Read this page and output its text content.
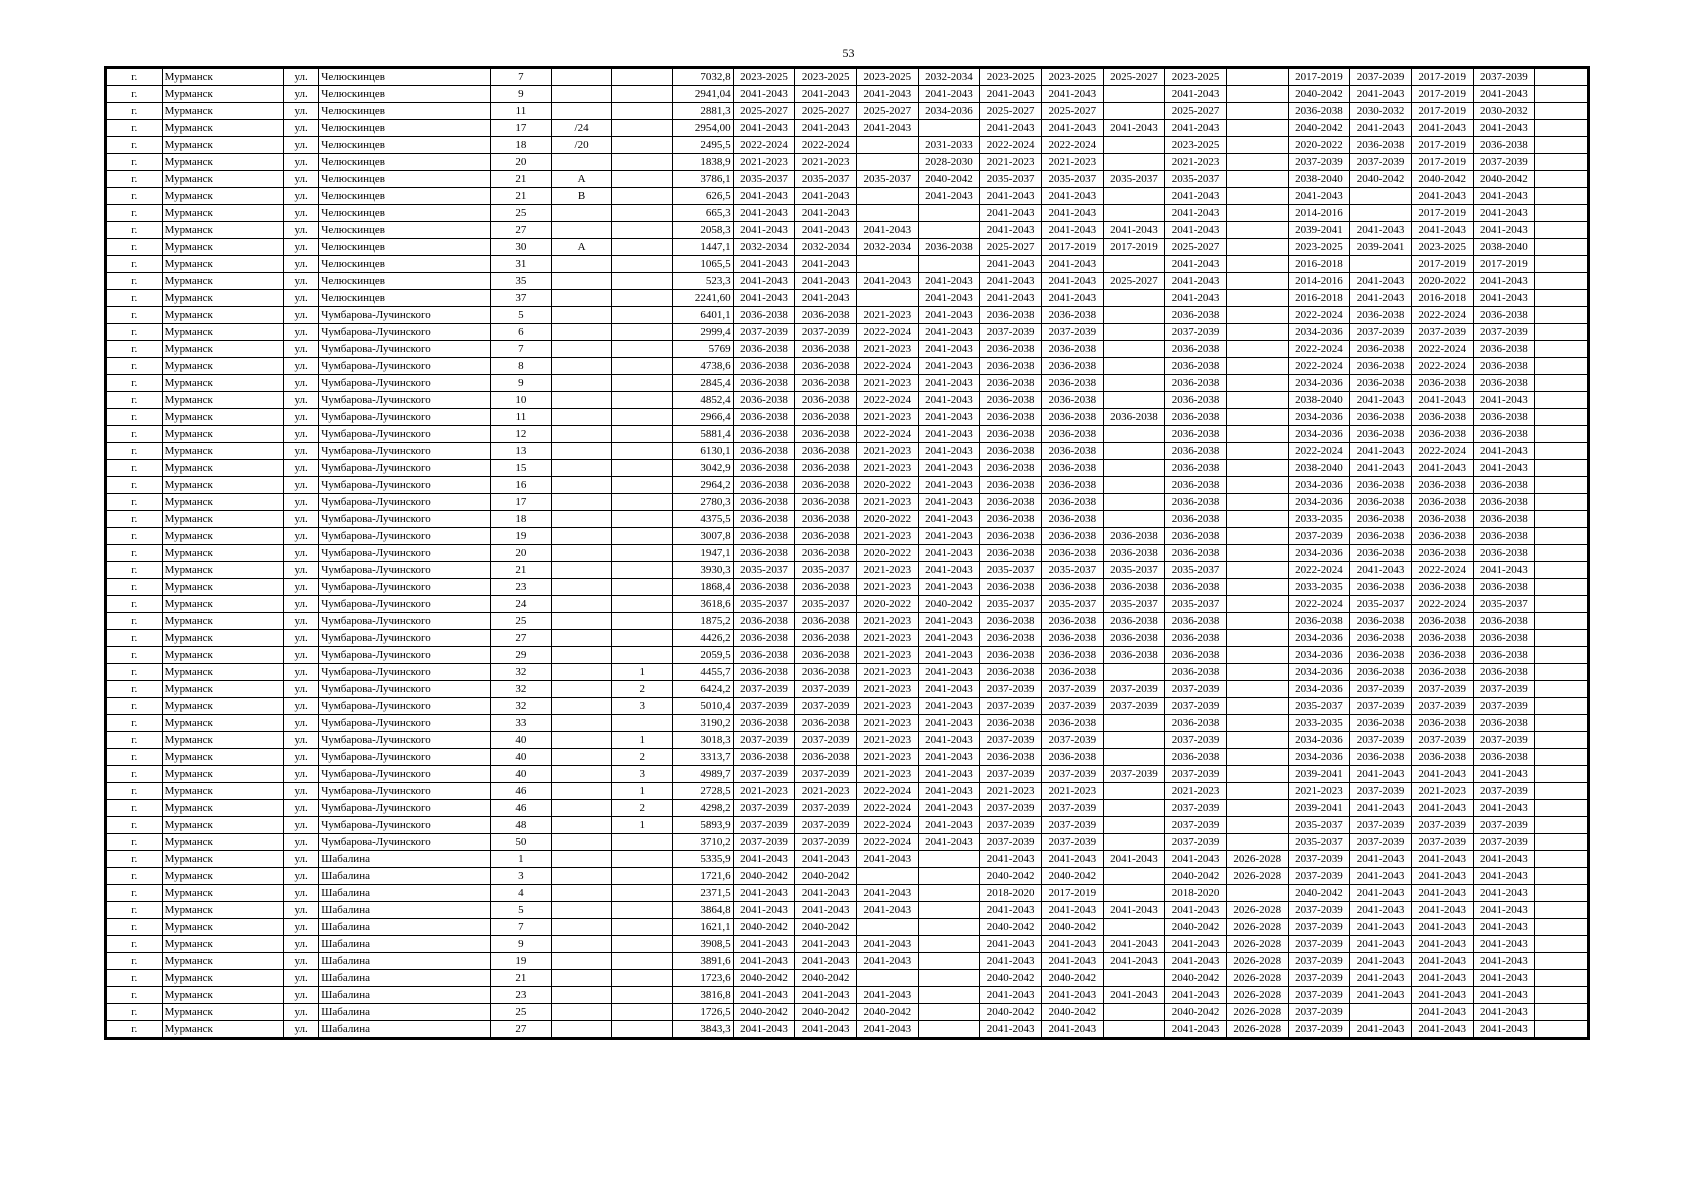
53
г.	Мурманск	ул.	Челюскинцев	7			7032,8	2023-2025	2023-2025	2023-2025	2032-2034	2023-2025	2023-2025	2025-2027	2023-2025		2017-2019	2037-2039	2017-2019	2037-2039	
г.	Мурманск	ул.	Челюскинцев	9			2941,04	2041-2043	2041-2043	2041-2043	2041-2043	2041-2043	2041-2043		2041-2043		2040-2042	2041-2043	2017-2019	2041-2043	
г.	Мурманск	ул.	Челюскинцев	11			2881,3	2025-2027	2025-2027	2025-2027	2034-2036	2025-2027	2025-2027		2025-2027		2036-2038	2030-2032	2017-2019	2030-2032	
г.	Мурманск	ул.	Челюскинцев	17	/24		2954,00	2041-2043	2041-2043	2041-2043		2041-2043	2041-2043	2041-2043	2041-2043		2040-2042	2041-2043	2041-2043	2041-2043	
г.	Мурманск	ул.	Челюскинцев	18	/20		2495,5	2022-2024	2022-2024		2031-2033	2022-2024	2022-2024		2023-2025		2020-2022	2036-2038	2017-2019	2036-2038	
г.	Мурманск	ул.	Челюскинцев	20			1838,9	2021-2023	2021-2023		2028-2030	2021-2023	2021-2023		2021-2023		2037-2039	2037-2039	2017-2019	2037-2039	
г.	Мурманск	ул.	Челюскинцев	21	А		3786,1	2035-2037	2035-2037	2035-2037	2040-2042	2035-2037	2035-2037	2035-2037	2035-2037		2038-2040	2040-2042	2040-2042	2040-2042	
г.	Мурманск	ул.	Челюскинцев	21	В		626,5	2041-2043	2041-2043		2041-2043	2041-2043	2041-2043		2041-2043		2041-2043		2041-2043	2041-2043	
г.	Мурманск	ул.	Челюскинцев	25			665,3	2041-2043	2041-2043			2041-2043	2041-2043		2041-2043		2014-2016		2017-2019	2041-2043	
г.	Мурманск	ул.	Челюскинцев	27			2058,3	2041-2043	2041-2043	2041-2043		2041-2043	2041-2043	2041-2043	2041-2043		2039-2041	2041-2043	2041-2043	2041-2043	
г.	Мурманск	ул.	Челюскинцев	30	А		1447,1	2032-2034	2032-2034	2032-2034	2036-2038	2025-2027	2017-2019	2017-2019	2025-2027		2023-2025	2039-2041	2023-2025	2038-2040	
г.	Мурманск	ул.	Челюскинцев	31			1065,5	2041-2043	2041-2043			2041-2043	2041-2043		2041-2043		2016-2018		2017-2019	2017-2019	
г.	Мурманск	ул.	Челюскинцев	35			523,3	2041-2043	2041-2043	2041-2043	2041-2043	2041-2043	2041-2043	2025-2027	2041-2043		2014-2016	2041-2043	2020-2022	2041-2043	
г.	Мурманск	ул.	Челюскинцев	37			2241,60	2041-2043	2041-2043		2041-2043	2041-2043	2041-2043		2041-2043		2016-2018	2041-2043	2016-2018	2041-2043	
г.	Мурманск	ул.	Чумбарова-Лучинского	5			6401,1	2036-2038	2036-2038	2021-2023	2041-2043	2036-2038	2036-2038		2036-2038		2022-2024	2036-2038	2022-2024	2036-2038	
г.	Мурманск	ул.	Чумбарова-Лучинского	6			2999,4	2037-2039	2037-2039	2022-2024	2041-2043	2037-2039	2037-2039		2037-2039		2034-2036	2037-2039	2037-2039	2037-2039	
г.	Мурманск	ул.	Чумбарова-Лучинского	7			5769	2036-2038	2036-2038	2021-2023	2041-2043	2036-2038	2036-2038		2036-2038		2022-2024	2036-2038	2022-2024	2036-2038	
г.	Мурманск	ул.	Чумбарова-Лучинского	8			4738,6	2036-2038	2036-2038	2022-2024	2041-2043	2036-2038	2036-2038		2036-2038		2022-2024	2036-2038	2022-2024	2036-2038	
г.	Мурманск	ул.	Чумбарова-Лучинского	9			2845,4	2036-2038	2036-2038	2021-2023	2041-2043	2036-2038	2036-2038		2036-2038		2034-2036	2036-2038	2036-2038	2036-2038	
г.	Мурманск	ул.	Чумбарова-Лучинского	10			4852,4	2036-2038	2036-2038	2022-2024	2041-2043	2036-2038	2036-2038		2036-2038		2038-2040	2041-2043	2041-2043	2041-2043	
г.	Мурманск	ул.	Чумбарова-Лучинского	11			2966,4	2036-2038	2036-2038	2021-2023	2041-2043	2036-2038	2036-2038	2036-2038	2036-2038		2034-2036	2036-2038	2036-2038	2036-2038	
г.	Мурманск	ул.	Чумбарова-Лучинского	12			5881,4	2036-2038	2036-2038	2022-2024	2041-2043	2036-2038	2036-2038		2036-2038		2034-2036	2036-2038	2036-2038	2036-2038	
г.	Мурманск	ул.	Чумбарова-Лучинского	13			6130,1	2036-2038	2036-2038	2021-2023	2041-2043	2036-2038	2036-2038		2036-2038		2022-2024	2041-2043	2022-2024	2041-2043	
г.	Мурманск	ул.	Чумбарова-Лучинского	15			3042,9	2036-2038	2036-2038	2021-2023	2041-2043	2036-2038	2036-2038		2036-2038		2038-2040	2041-2043	2041-2043	2041-2043	
г.	Мурманск	ул.	Чумбарова-Лучинского	16			2964,2	2036-2038	2036-2038	2020-2022	2041-2043	2036-2038	2036-2038		2036-2038		2034-2036	2036-2038	2036-2038	2036-2038	
г.	Мурманск	ул.	Чумбарова-Лучинского	17			2780,3	2036-2038	2036-2038	2021-2023	2041-2043	2036-2038	2036-2038		2036-2038		2034-2036	2036-2038	2036-2038	2036-2038	
г.	Мурманск	ул.	Чумбарова-Лучинского	18			4375,5	2036-2038	2036-2038	2020-2022	2041-2043	2036-2038	2036-2038		2036-2038		2033-2035	2036-2038	2036-2038	2036-2038	
г.	Мурманск	ул.	Чумбарова-Лучинского	19			3007,8	2036-2038	2036-2038	2021-2023	2041-2043	2036-2038	2036-2038	2036-2038	2036-2038		2037-2039	2036-2038	2036-2038	2036-2038	
г.	Мурманск	ул.	Чумбарова-Лучинского	20			1947,1	2036-2038	2036-2038	2020-2022	2041-2043	2036-2038	2036-2038	2036-2038	2036-2038		2034-2036	2036-2038	2036-2038	2036-2038	
г.	Мурманск	ул.	Чумбарова-Лучинского	21			3930,3	2035-2037	2035-2037	2021-2023	2041-2043	2035-2037	2035-2037	2035-2037	2035-2037		2022-2024	2041-2043	2022-2024	2041-2043	
г.	Мурманск	ул.	Чумбарова-Лучинского	23			1868,4	2036-2038	2036-2038	2021-2023	2041-2043	2036-2038	2036-2038	2036-2038	2036-2038		2033-2035	2036-2038	2036-2038	2036-2038	
г.	Мурманск	ул.	Чумбарова-Лучинского	24			3618,6	2035-2037	2035-2037	2020-2022	2040-2042	2035-2037	2035-2037	2035-2037	2035-2037		2022-2024	2035-2037	2022-2024	2035-2037	
г.	Мурманск	ул.	Чумбарова-Лучинского	25			1875,2	2036-2038	2036-2038	2021-2023	2041-2043	2036-2038	2036-2038	2036-2038	2036-2038		2036-2038	2036-2038	2036-2038	2036-2038	
г.	Мурманск	ул.	Чумбарова-Лучинского	27			4426,2	2036-2038	2036-2038	2021-2023	2041-2043	2036-2038	2036-2038	2036-2038	2036-2038		2034-2036	2036-2038	2036-2038	2036-2038	
г.	Мурманск	ул.	Чумбарова-Лучинского	29			2059,5	2036-2038	2036-2038	2021-2023	2041-2043	2036-2038	2036-2038	2036-2038	2036-2038		2034-2036	2036-2038	2036-2038	2036-2038	
г.	Мурманск	ул.	Чумбарова-Лучинского	32		1	4455,7	2036-2038	2036-2038	2021-2023	2041-2043	2036-2038	2036-2038		2036-2038		2034-2036	2036-2038	2036-2038	2036-2038	
г.	Мурманск	ул.	Чумбарова-Лучинского	32		2	6424,2	2037-2039	2037-2039	2021-2023	2041-2043	2037-2039	2037-2039	2037-2039	2037-2039		2034-2036	2037-2039	2037-2039	2037-2039	
г.	Мурманск	ул.	Чумбарова-Лучинского	32		3	5010,4	2037-2039	2037-2039	2021-2023	2041-2043	2037-2039	2037-2039	2037-2039	2037-2039		2035-2037	2037-2039	2037-2039	2037-2039	
г.	Мурманск	ул.	Чумбарова-Лучинского	33			3190,2	2036-2038	2036-2038	2021-2023	2041-2043	2036-2038	2036-2038		2036-2038		2033-2035	2036-2038	2036-2038	2036-2038	
г.	Мурманск	ул.	Чумбарова-Лучинского	40		1	3018,3	2037-2039	2037-2039	2021-2023	2041-2043	2037-2039	2037-2039		2037-2039		2034-2036	2037-2039	2037-2039	2037-2039	
г.	Мурманск	ул.	Чумбарова-Лучинского	40		2	3313,7	2036-2038	2036-2038	2021-2023	2041-2043	2036-2038	2036-2038		2036-2038		2034-2036	2036-2038	2036-2038	2036-2038	
г.	Мурманск	ул.	Чумбарова-Лучинского	40		3	4989,7	2037-2039	2037-2039	2021-2023	2041-2043	2037-2039	2037-2039	2037-2039	2037-2039		2039-2041	2041-2043	2041-2043	2041-2043	
г.	Мурманск	ул.	Чумбарова-Лучинского	46		1	2728,5	2021-2023	2021-2023	2022-2024	2041-2043	2021-2023	2021-2023		2021-2023		2021-2023	2037-2039	2021-2023	2037-2039	
г.	Мурманск	ул.	Чумбарова-Лучинского	46		2	4298,2	2037-2039	2037-2039	2022-2024	2041-2043	2037-2039	2037-2039		2037-2039		2039-2041	2041-2043	2041-2043	2041-2043	
г.	Мурманск	ул.	Чумбарова-Лучинского	48		1	5893,9	2037-2039	2037-2039	2022-2024	2041-2043	2037-2039	2037-2039		2037-2039		2035-2037	2037-2039	2037-2039	2037-2039	
г.	Мурманск	ул.	Чумбарова-Лучинского	50			3710,2	2037-2039	2037-2039	2022-2024	2041-2043	2037-2039	2037-2039		2037-2039		2035-2037	2037-2039	2037-2039	2037-2039	
г.	Мурманск	ул.	Шабалина	1			5335,9	2041-2043	2041-2043	2041-2043		2041-2043	2041-2043	2041-2043	2041-2043	2026-2028	2037-2039	2041-2043	2041-2043	2041-2043	
г.	Мурманск	ул.	Шабалина	3			1721,6	2040-2042	2040-2042			2040-2042	2040-2042		2040-2042	2026-2028	2037-2039	2041-2043	2041-2043	2041-2043	
г.	Мурманск	ул.	Шабалина	4			2371,5	2041-2043	2041-2043	2041-2043		2018-2020	2017-2019		2018-2020		2040-2042	2041-2043	2041-2043	2041-2043	
г.	Мурманск	ул.	Шабалина	5			3864,8	2041-2043	2041-2043	2041-2043		2041-2043	2041-2043	2041-2043	2041-2043	2026-2028	2037-2039	2041-2043	2041-2043	2041-2043	
г.	Мурманск	ул.	Шабалина	7			1621,1	2040-2042	2040-2042			2040-2042	2040-2042		2040-2042	2026-2028	2037-2039	2041-2043	2041-2043	2041-2043	
г.	Мурманск	ул.	Шабалина	9			3908,5	2041-2043	2041-2043	2041-2043		2041-2043	2041-2043	2041-2043	2041-2043	2026-2028	2037-2039	2041-2043	2041-2043	2041-2043	
г.	Мурманск	ул.	Шабалина	19			3891,6	2041-2043	2041-2043	2041-2043		2041-2043	2041-2043	2041-2043	2041-2043	2026-2028	2037-2039	2041-2043	2041-2043	2041-2043	
г.	Мурманск	ул.	Шабалина	21			1723,6	2040-2042	2040-2042			2040-2042	2040-2042		2040-2042	2026-2028	2037-2039	2041-2043	2041-2043	2041-2043	
г.	Мурманск	ул.	Шабалина	23			3816,8	2041-2043	2041-2043	2041-2043		2041-2043	2041-2043	2041-2043	2041-2043	2026-2028	2037-2039	2041-2043	2041-2043	2041-2043	
г.	Мурманск	ул.	Шабалина	25			1726,5	2040-2042	2040-2042	2040-2042		2040-2042	2040-2042		2040-2042	2026-2028	2037-2039		2041-2043	2041-2043	
г.	Мурманск	ул.	Шабалина	27			3843,3	2041-2043	2041-2043	2041-2043		2041-2043	2041-2043		2041-2043	2026-2028	2037-2039	2041-2043	2041-2043	2041-2043	
